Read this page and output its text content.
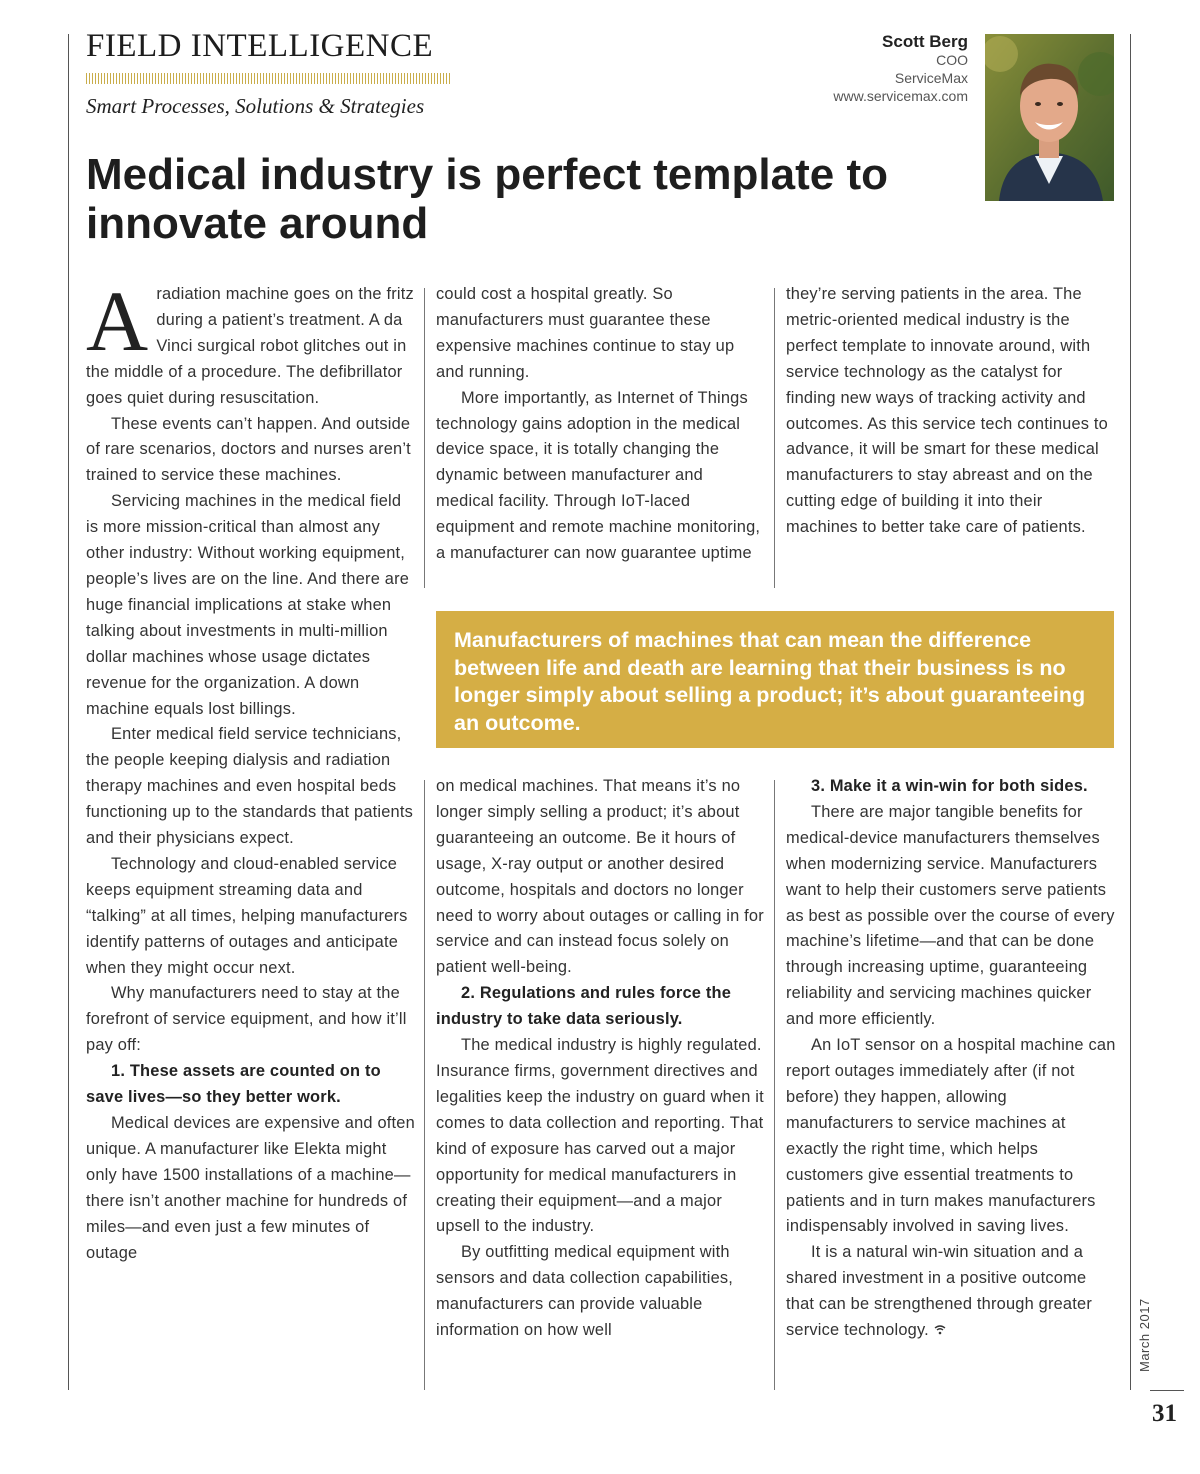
FIELD INTELLIGENCE
Smart Processes, Solutions & Strategies
Scott Berg
COO
ServiceMax
www.servicemax.com
Medical industry is perfect template to innovate around

Aradiation machine goes on the fritz during a patient’s treatment. A da Vinci surgical robot glitches out in the middle of a procedure. The defibrillator goes quiet during resuscitation.

These events can’t happen. And outside of rare scenarios, doctors and nurses aren’t trained to service these machines.

Servicing machines in the medical field is more mission-critical than almost any other industry: Without working equipment, people’s lives are on the line. And there are huge financial implications at stake when talking about investments in multi-million dollar machines whose usage dictates revenue for the organization. A down machine equals lost billings.

Enter medical field service technicians, the people keeping dialysis and radiation therapy machines and even hospital beds functioning up to the standards that patients and their physicians expect.

Technology and cloud-enabled service keeps equipment streaming data and “talking” at all times, helping manufacturers identify patterns of outages and anticipate when they might occur next.

Why manufacturers need to stay at the forefront of service equipment, and how it’ll pay off:

1. These assets are counted on to save lives—so they better work.

Medical devices are expensive and often unique. A manufacturer like Elekta might only have 1500 installations of a machine—there isn’t another machine for hundreds of miles—and even just a few minutes of outage

could cost a hospital greatly. So manufacturers must guarantee these expensive machines continue to stay up and running.

More importantly, as Internet of Things technology gains adoption in the medical device space, it is totally changing the dynamic between manufacturer and medical facility. Through IoT-laced equipment and remote machine monitoring, a manufacturer can now guarantee uptime

they’re serving patients in the area. The metric-oriented medical industry is the perfect template to innovate around, with service technology as the catalyst for finding new ways of tracking activity and outcomes. As this service tech continues to advance, it will be smart for these medical manufacturers to stay abreast and on the cutting edge of building it into their machines to better take care of patients.

Manufacturers of machines that can mean the difference between life and death are learning that their business is no longer simply about selling a product; it’s about guaranteeing an outcome.

on medical machines. That means it’s no longer simply selling a product; it’s about guaranteeing an outcome. Be it hours of usage, X-ray output or another desired outcome, hospitals and doctors no longer need to worry about outages or calling in for service and can instead focus solely on patient well-being.

2. Regulations and rules force the industry to take data seriously.

The medical industry is highly regulated. Insurance firms, government directives and legalities keep the industry on guard when it comes to data collection and reporting. That kind of exposure has carved out a major opportunity for medical manufacturers in creating their equipment—and a major upsell to the industry.

By outfitting medical equipment with sensors and data collection capabilities, manufacturers can provide valuable information on how well

3. Make it a win-win for both sides.

There are major tangible benefits for medical-device manufacturers themselves when modernizing service. Manufacturers want to help their customers serve patients as best as possible over the course of every machine’s lifetime—and that can be done through increasing uptime, guaranteeing reliability and servicing machines quicker and more efficiently.

An IoT sensor on a hospital machine can report outages immediately after (if not before) they happen, allowing manufacturers to service machines at exactly the right time, which helps customers give essential treatments to patients and in turn makes manufacturers indispensably involved in saving lives.

It is a natural win-win situation and a shared investment in a positive outcome that can be strengthened through greater service technology.	March 2017
31
